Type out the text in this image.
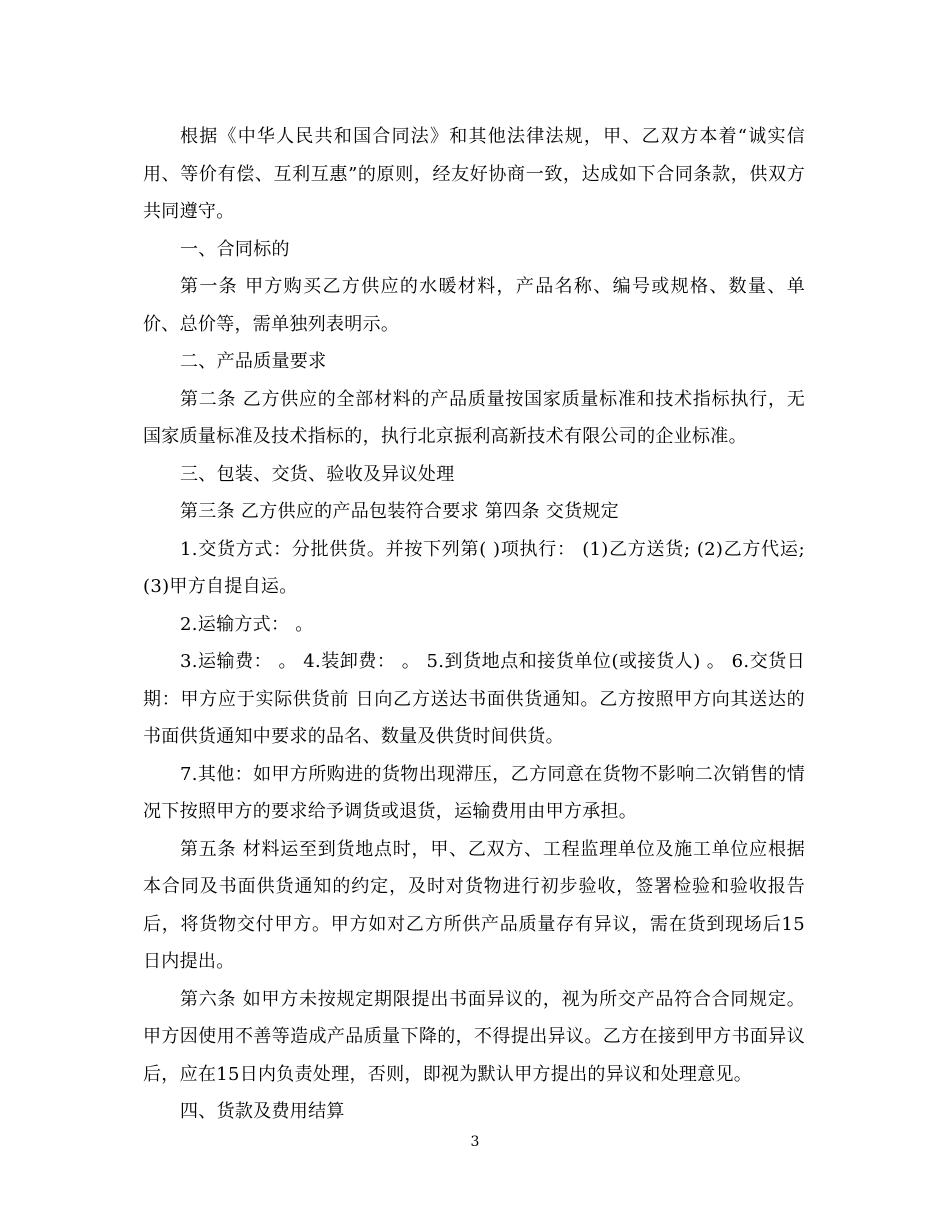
根据《中华人民共和国合同法》和其他法律法规，甲、乙双方本着“诚实信用、等价有偿、互利互惠”的原则，经友好协商一致，达成如下合同条款，供双方共同遵守。

一、合同标的

第一条 甲方购买乙方供应的水暖材料，产品名称、编号或规格、数量、单价、总价等，需单独列表明示。

二、产品质量要求

第二条 乙方供应的全部材料的产品质量按国家质量标准和技术指标执行，无国家质量标准及技术指标的，执行北京振利高新技术有限公司的企业标准。

三、包装、交货、验收及异议处理

第三条 乙方供应的产品包装符合要求 第四条 交货规定

1.交货方式：分批供货。并按下列第( )项执行： (1)乙方送货; (2)乙方代运; (3)甲方自提自运。

2.运输方式： 。

3.运输费： 。 4.装卸费： 。 5.到货地点和接货单位(或接货人) 。 6.交货日期：甲方应于实际供货前 日向乙方送达书面供货通知。乙方按照甲方向其送达的书面供货通知中要求的品名、数量及供货时间供货。

7.其他：如甲方所购进的货物出现滞压，乙方同意在货物不影响二次销售的情况下按照甲方的要求给予调货或退货，运输费用由甲方承担。

第五条 材料运至到货地点时，甲、乙双方、工程监理单位及施工单位应根据本合同及书面供货通知的约定，及时对货物进行初步验收，签署检验和验收报告后，将货物交付甲方。甲方如对乙方所供产品质量存有异议，需在货到现场后15日内提出。

第六条 如甲方未按规定期限提出书面异议的，视为所交产品符合合同规定。甲方因使用不善等造成产品质量下降的，不得提出异议。乙方在接到甲方书面异议后，应在15日内负责处理，否则，即视为默认甲方提出的异议和处理意见。

四、货款及费用结算

3
